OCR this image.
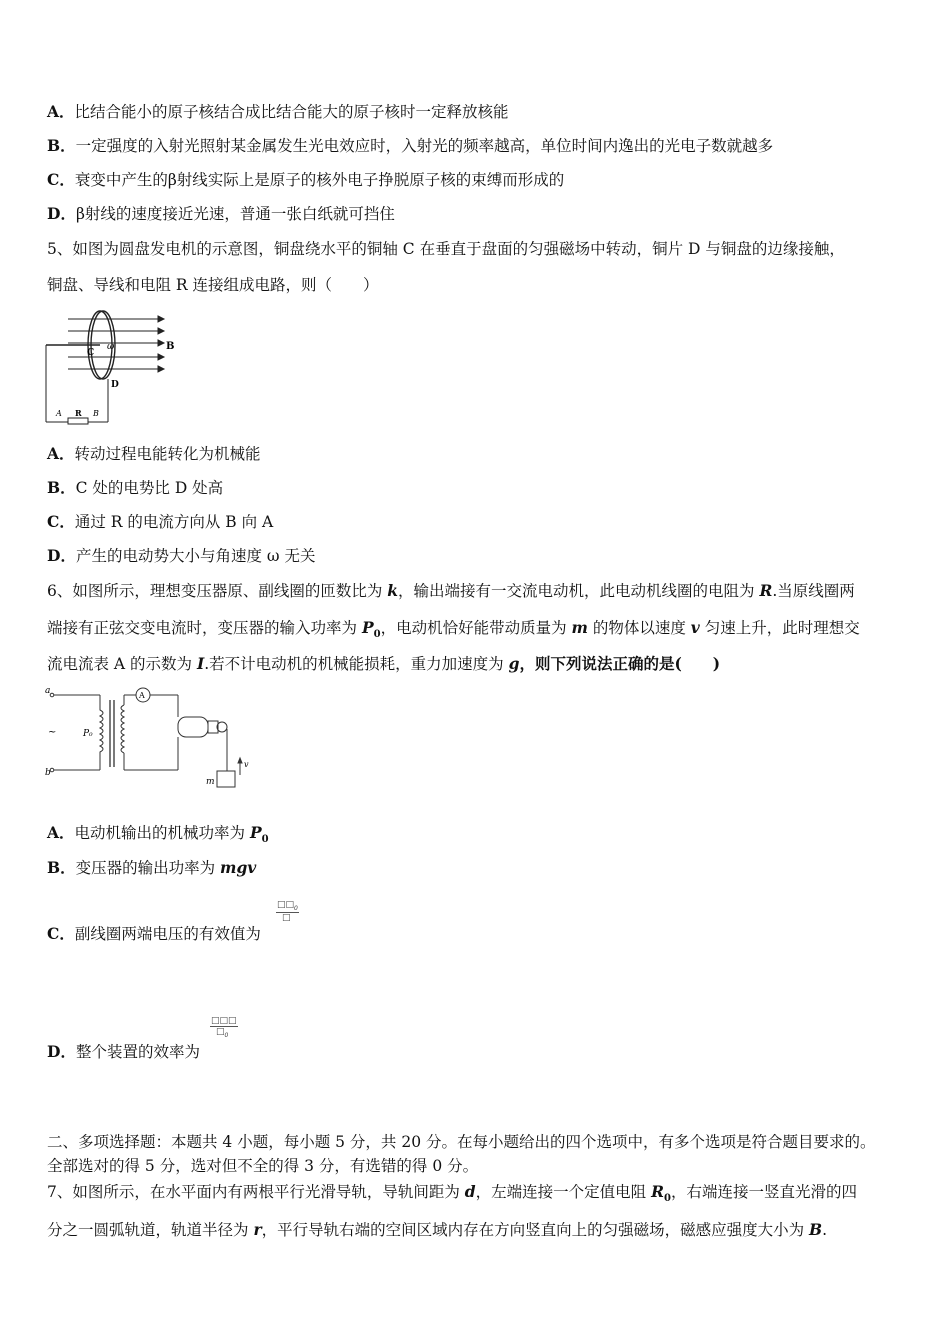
A．比结合能小的原子核结合成比结合能大的原子核时一定释放核能
B．一定强度的入射光照射某金属发生光电效应时，入射光的频率越高，单位时间内逸出的光电子数就越多
C．衰变中产生的β射线实际上是原子的核外电子挣脱原子核的束缚而形成的
D．β射线的速度接近光速，普通一张白纸就可挡住
5、如图为圆盘发电机的示意图，铜盘绕水平的铜轴 C 在垂直于盘面的匀强磁场中转动，铜片 D 与铜盘的边缘接触，
铜盘、导线和电阻 R 连接组成电路，则（　　）
C
ω	B
D
A R B
A．转动过程电能转化为机械能
B．C 处的电势比 D 处高
C．通过 R 的电流方向从 B 向 A
D．产生的电动势大小与角速度 ω 无关
6、如图所示，理想变压器原、副线圈的匝数比为 k，输出端接有一交流电动机，此电动机线圈的电阻为 R.当原线圈两
端接有正弦交变电流时，变压器的输入功率为 $P_0$，电动机恰好能带动质量为 m 的物体以速度 v 匀速上升，此时理想交
流电流表 A 的示数为 I.若不计电动机的机械能损耗，重力加速度为 g，则下列说法正确的是(　　)
a
~	P₀
b
A
m
v
A．电动机输出的机械功率为 $P_0$
B．变压器的输出功率为 mgv
$□□_0$
□
C．副线圈两端电压的有效值为
□□□
$□_0$
D．整个装置的效率为
二、多项选择题：本题共 4 小题，每小题 5 分，共 20 分。在每小题给出的四个选项中，有多个选项是符合题目要求的。
全部选对的得 5 分，选对但不全的得 3 分，有选错的得 0 分。
7、如图所示，在水平面内有两根平行光滑导轨，导轨间距为 d，左端连接一个定值电阻 $R_0$，右端连接一竖直光滑的四
分之一圆弧轨道，轨道半径为 r，平行导轨右端的空间区域内存在方向竖直向上的匀强磁场，磁感应强度大小为 B.
